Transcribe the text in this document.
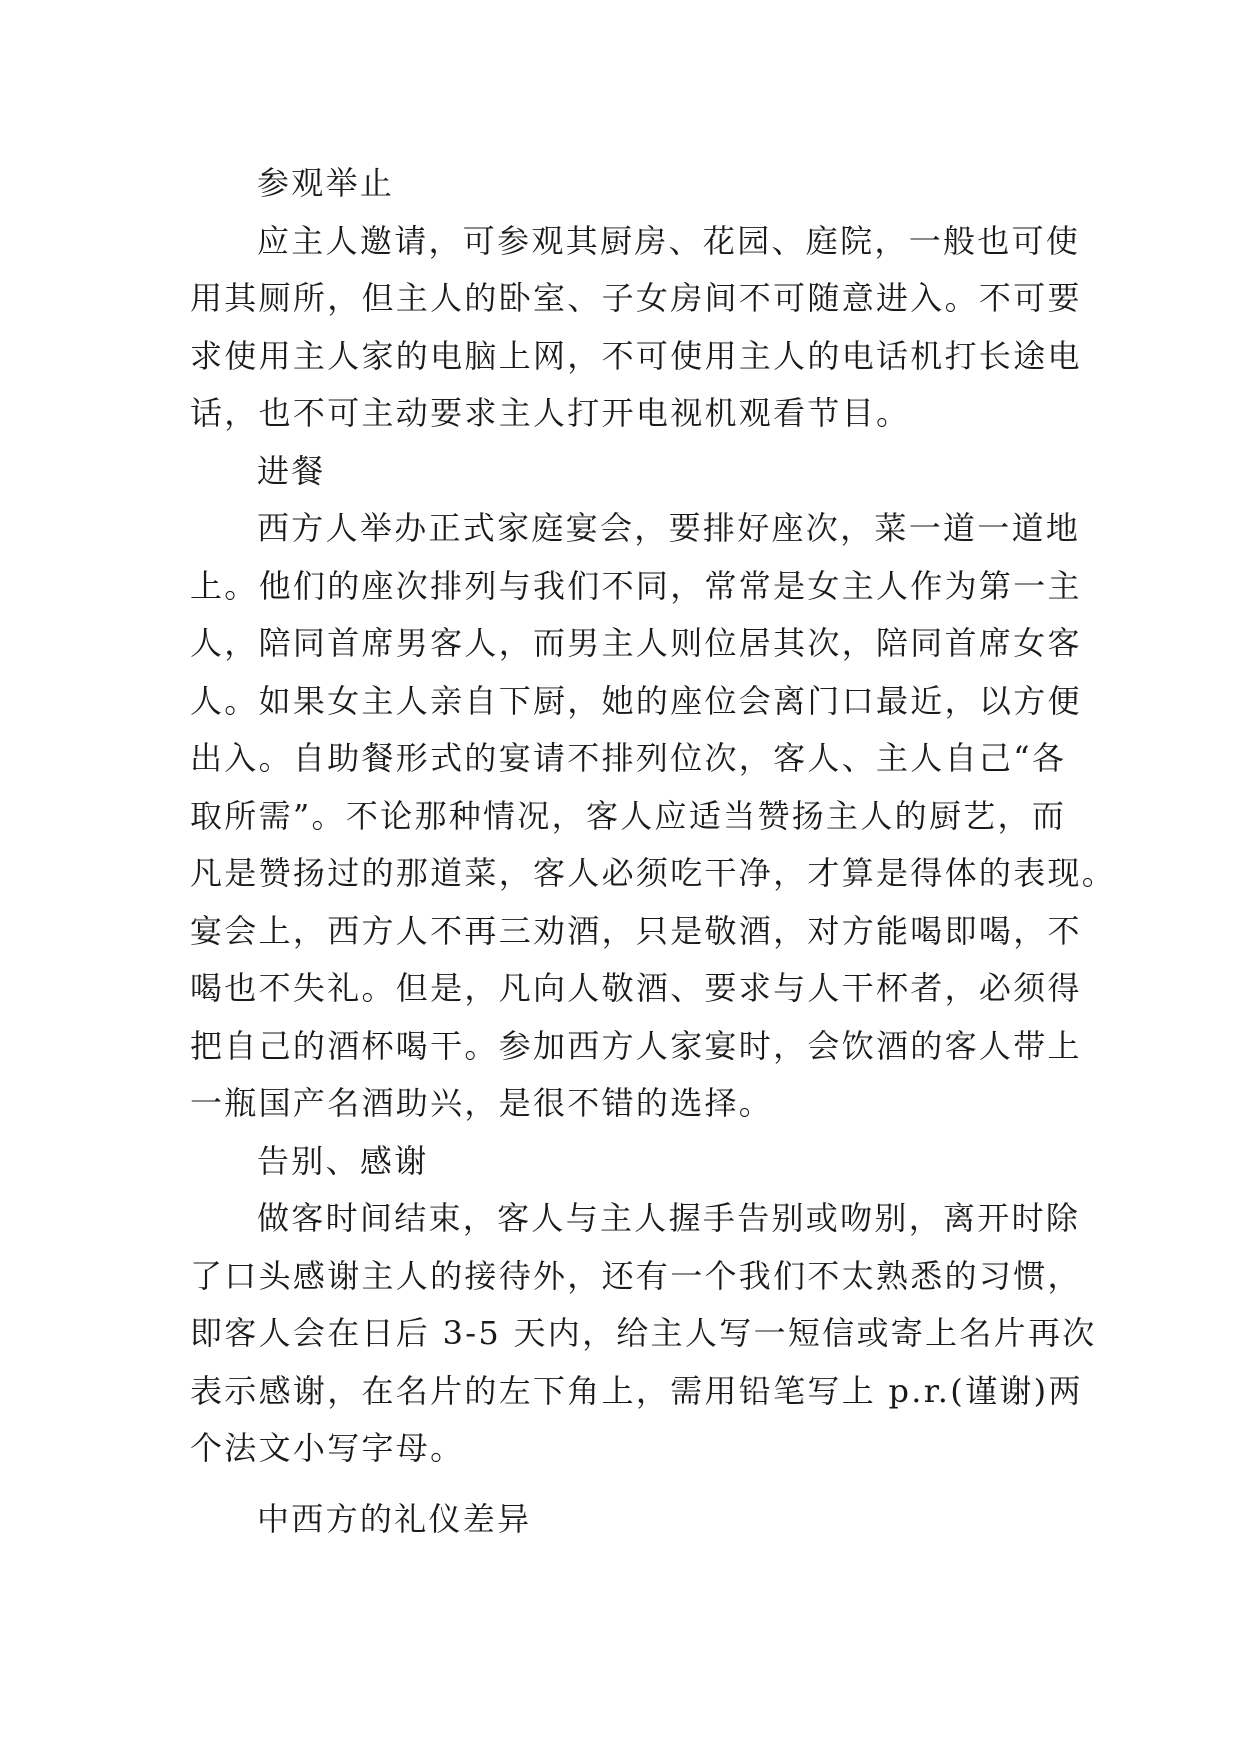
参观举止
应主人邀请，可参观其厨房、花园、庭院，一般也可使
用其厕所，但主人的卧室、子女房间不可随意进入。不可要
求使用主人家的电脑上网，不可使用主人的电话机打长途电
话，也不可主动要求主人打开电视机观看节目。
进餐
西方人举办正式家庭宴会，要排好座次，菜一道一道地
上。他们的座次排列与我们不同，常常是女主人作为第一主
人，陪同首席男客人，而男主人则位居其次，陪同首席女客
人。如果女主人亲自下厨，她的座位会离门口最近，以方便
出入。自助餐形式的宴请不排列位次，客人、主人自己“各
取所需”。不论那种情况，客人应适当赞扬主人的厨艺，而
凡是赞扬过的那道菜，客人必须吃干净，才算是得体的表现。
宴会上，西方人不再三劝酒，只是敬酒，对方能喝即喝，不
喝也不失礼。但是，凡向人敬酒、要求与人干杯者，必须得
把自己的酒杯喝干。参加西方人家宴时，会饮酒的客人带上
一瓶国产名酒助兴，是很不错的选择。
告别、感谢
做客时间结束，客人与主人握手告别或吻别，离开时除
了口头感谢主人的接待外，还有一个我们不太熟悉的习惯，
即客人会在日后 3-5 天内，给主人写一短信或寄上名片再次
表示感谢，在名片的左下角上，需用铅笔写上 p.r.(谨谢)两
个法文小写字母。
中西方的礼仪差异
